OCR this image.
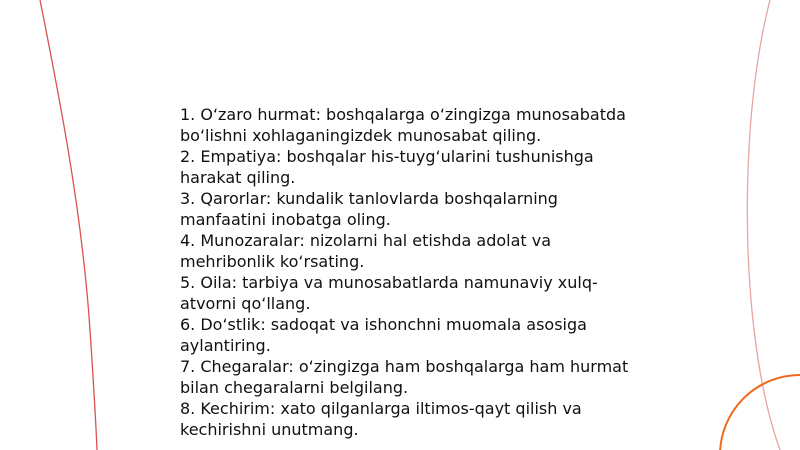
1. O‘zaro hurmat: boshqalarga o‘zingizga munosabatda bo‘lishni xohlaganingizdek munosabat qiling.
2. Empatiya: boshqalar his-tuyg‘ularini tushunishga harakat qiling.
3. Qarorlar: kundalik tanlovlarda boshqalarning manfaatini inobatga oling.
4. Munozaralar: nizolarni hal etishda adolat va mehribonlik ko‘rsating.
5. Oila: tarbiya va munosabatlarda namunaviy xulq-atvorni qo‘llang.
6. Do‘stlik: sadoqat va ishonchni muomala asosiga aylantiring.
7. Chegaralar: o‘zingizga ham boshqalarga ham hurmat bilan chegaralarni belgilang.
8. Kechirim: xato qilganlarga iltimos-qayt qilish va kechirishni unutmang.
